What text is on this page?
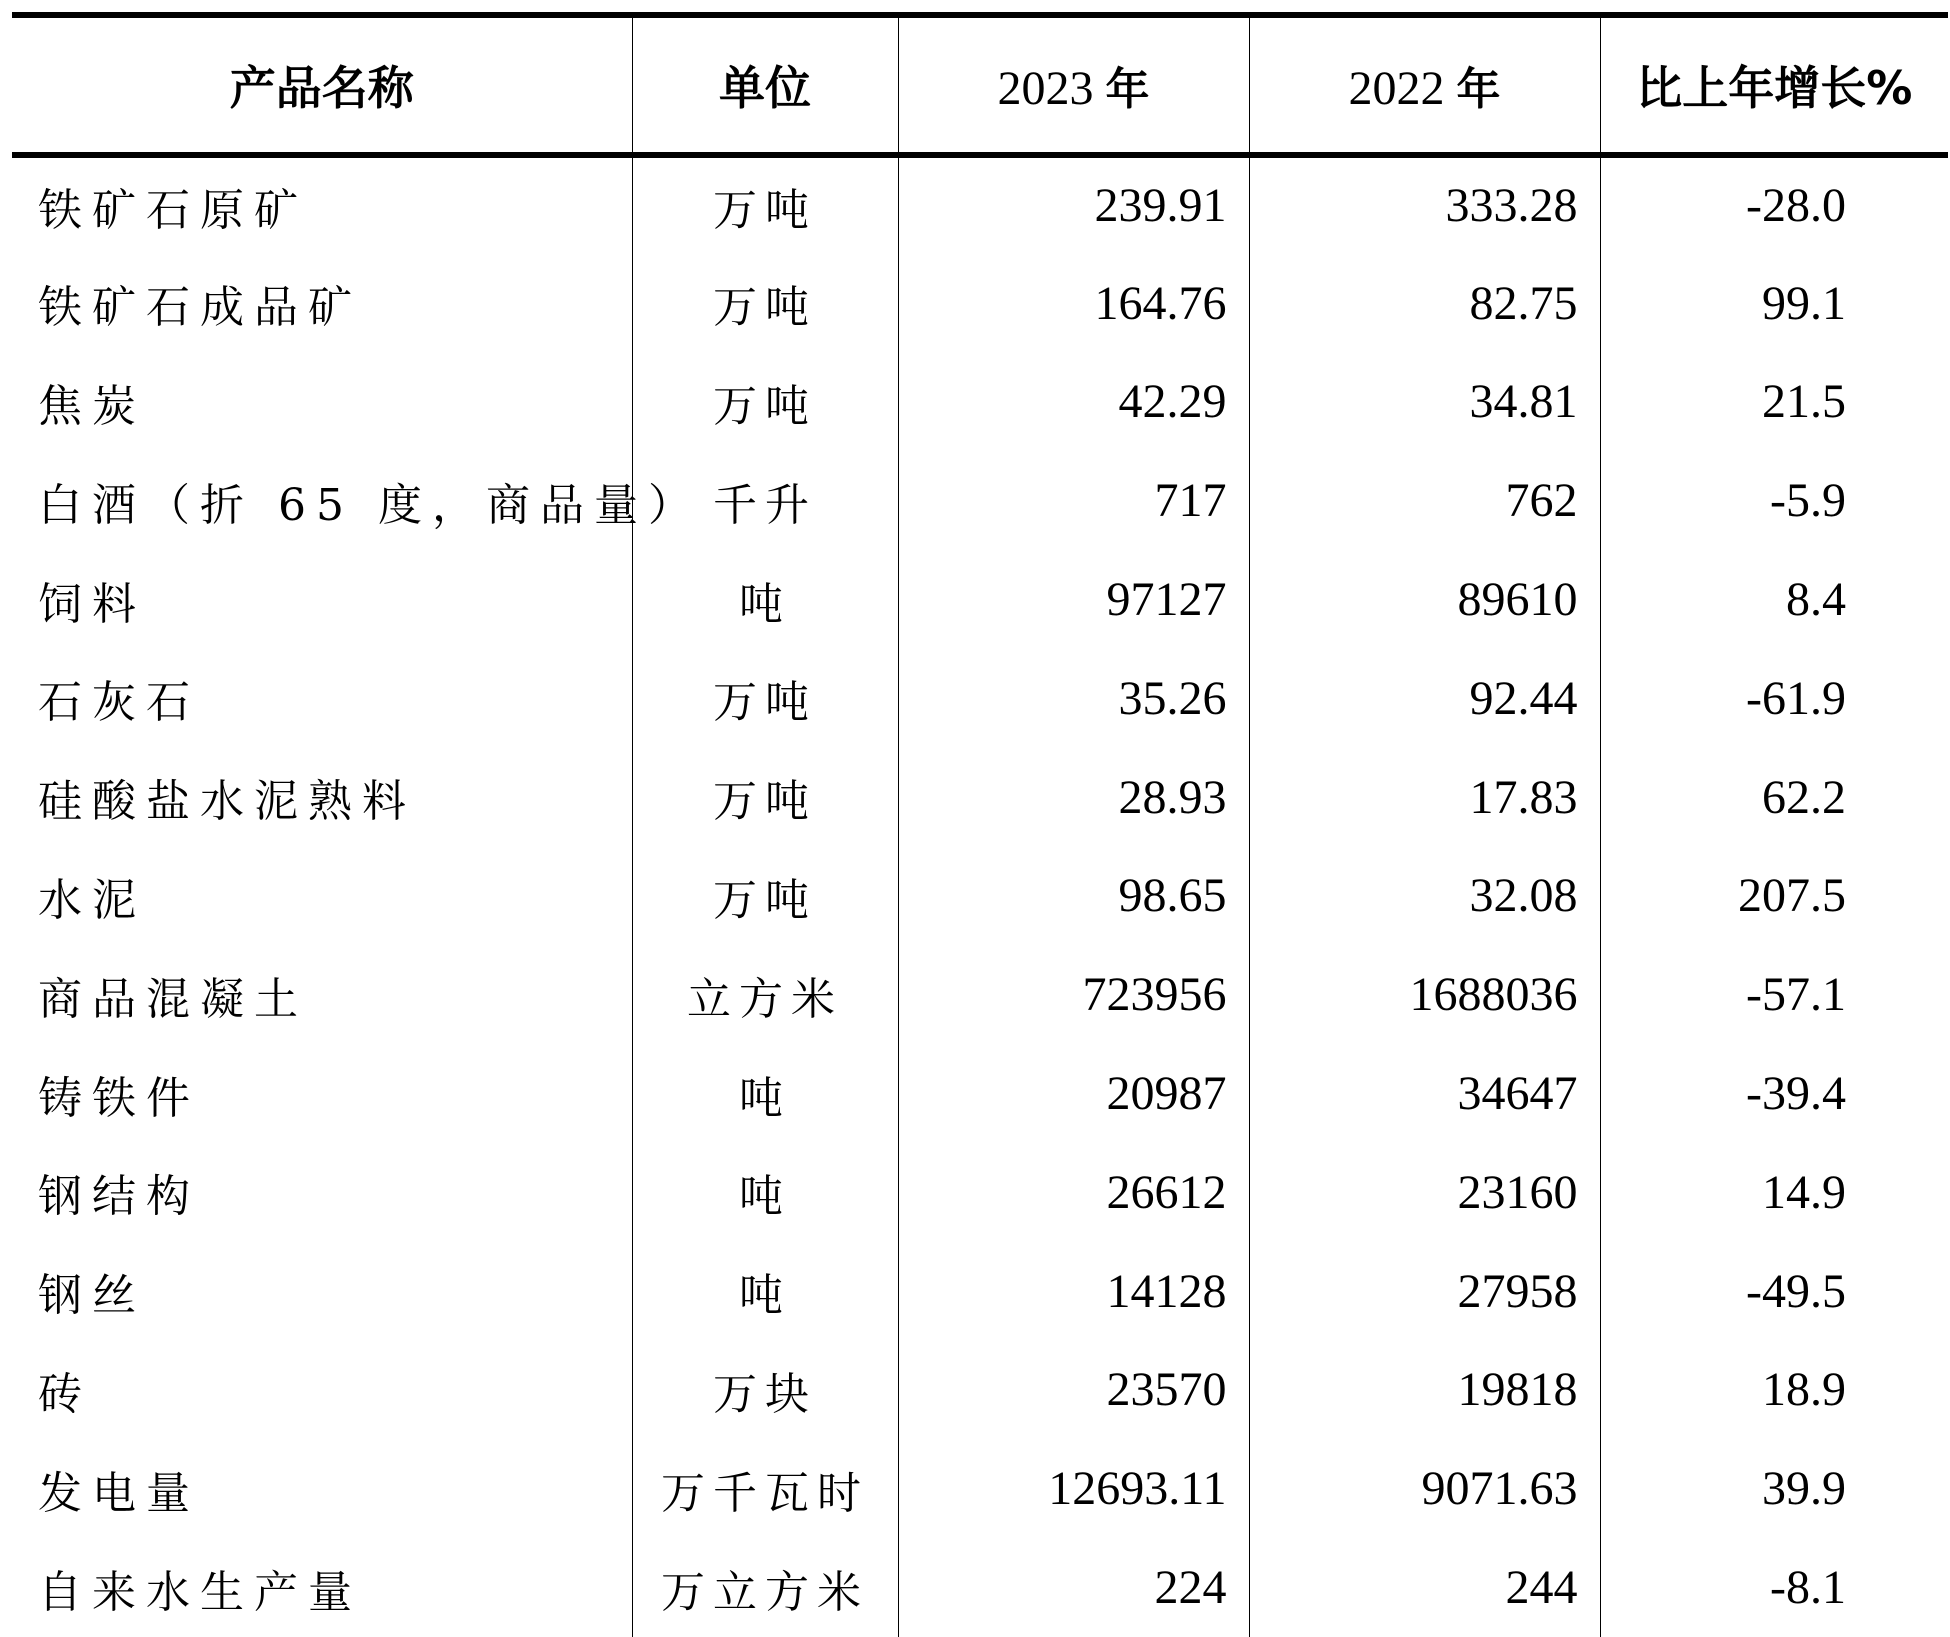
产品名称	单位	2023 年	2022 年	比上年增长%
铁矿石原矿	万吨	239.91	333.28	-28.0
铁矿石成品矿	万吨	164.76	82.75	99.1
焦炭	万吨	42.29	34.81	21.5
白酒（折 65 度，商品量）	千升	717	762	-5.9
饲料	吨	97127	89610	8.4
石灰石	万吨	35.26	92.44	-61.9
硅酸盐水泥熟料	万吨	28.93	17.83	62.2
水泥	万吨	98.65	32.08	207.5
商品混凝土	立方米	723956	1688036	-57.1
铸铁件	吨	20987	34647	-39.4
钢结构	吨	26612	23160	14.9
钢丝	吨	14128	27958	-49.5
砖	万块	23570	19818	18.9
发电量	万千瓦时	12693.11	9071.63	39.9
自来水生产量	万立方米	224	244	-8.1
